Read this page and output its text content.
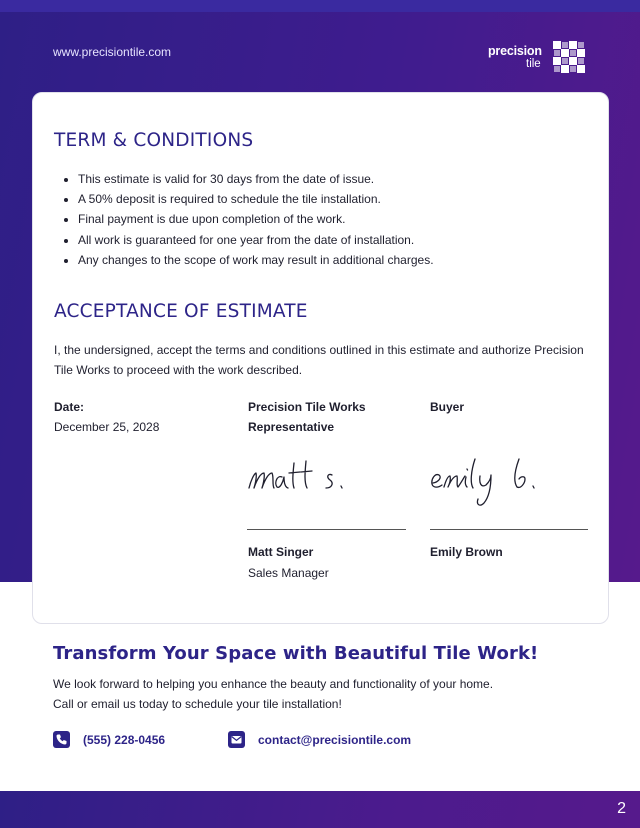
www.precisiontile.com	precision
tile
TERM & CONDITIONS
• This estimate is valid for 30 days from the date of issue.
• A 50% deposit is required to schedule the tile installation.
• Final payment is due upon completion of the work.
• All work is guaranteed for one year from the date of installation.
• Any changes to the scope of work may result in additional charges.
ACCEPTANCE OF ESTIMATE
I, the undersigned, accept the terms and conditions outlined in this estimate and authorize Precision
Tile Works to proceed with the work described.
Date:
December 25, 2028
Precision Tile Works
Representative
Buyer
Matt Singer
Sales Manager
Emily Brown
Transform Your Space with Beautiful Tile Work!
We look forward to helping you enhance the beauty and functionality of your home.
Call or email us today to schedule your tile installation!
(555) 228-0456	contact@precisiontile.com
2
